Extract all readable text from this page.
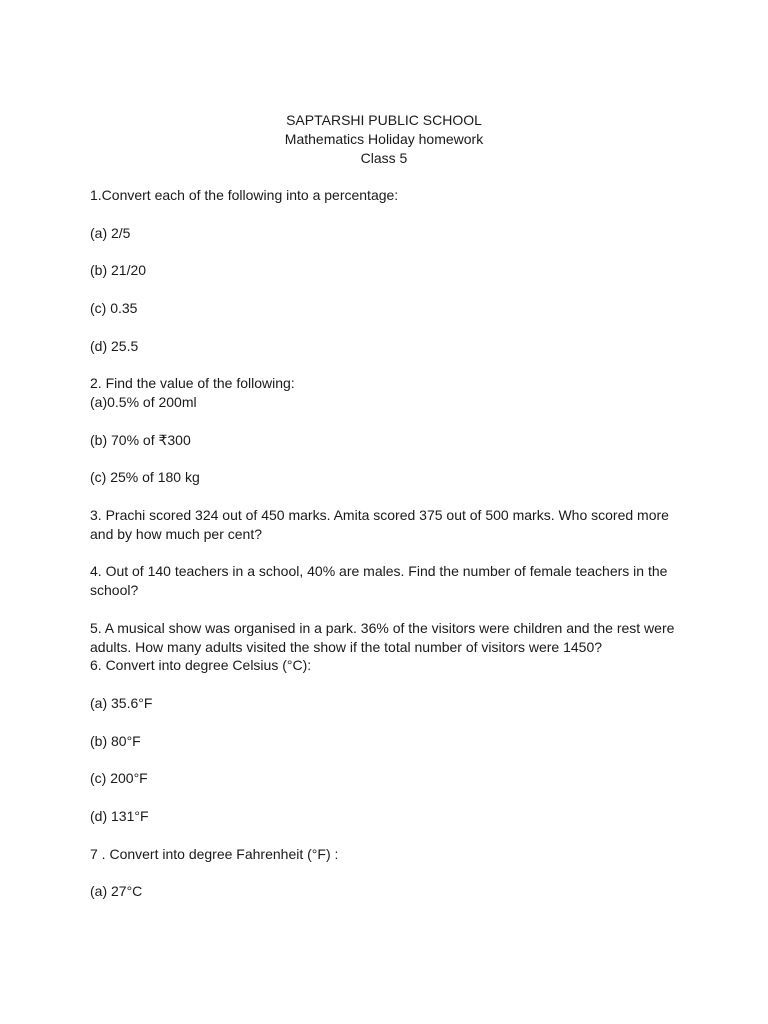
SAPTARSHI PUBLIC SCHOOL

Mathematics Holiday homework

Class 5

1.Convert each of the following into a percentage:

(a) 2/5

(b) 21/20

(c) 0.35

(d) 25.5

2. Find the value of the following:

(a)0.5% of 200ml

(b) 70% of ₹300

(c) 25% of 180 kg

3. Prachi scored 324 out of 450 marks. Amita scored 375 out of 500 marks. Who scored more and by how much per cent?

4. Out of 140 teachers in a school, 40% are males. Find the number of female teachers in the school?

5. A musical show was organised in a park. 36% of the visitors were children and the rest were adults. How many adults visited the show if the total number of visitors were 1450?

6. Convert into degree Celsius (°C):

(a) 35.6°F

(b) 80°F

(c) 200°F

(d) 131°F

7 . Convert into degree Fahrenheit (°F) :

(a) 27°C
